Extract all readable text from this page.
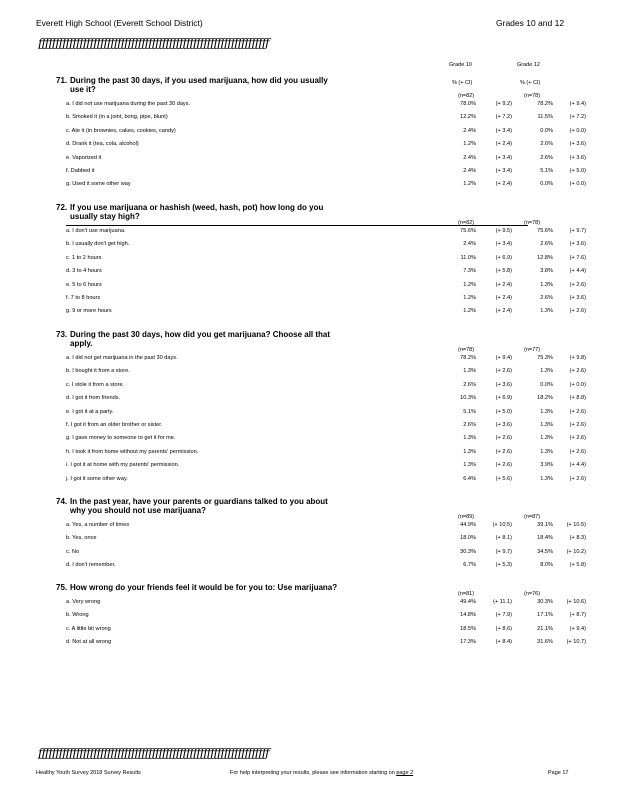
Everett High School (Everett School District)	Grades 10 and 12
ƒƒƒƒƒƒƒƒƒƒƒƒƒƒƒƒƒƒƒƒƒƒƒƒƒƒƒƒƒƒƒƒƒƒƒƒƒƒƒƒƒƒƒƒƒƒƒƒƒƒƒƒƒƒƒƒƒƒƒƒƒƒƒƒƒƒƒ
Grade 10	Grade 12
% (+ CI)	% (+ CI)
71. During the past 30 days, if you used marijuana, how did you usually
use it?
(n=82)	(n=78)
a. I did not use marijuana during the past 30 days.	78.0%	(+ 9.2)	78.2%	(+ 9.4)
b. Smoked it (in a joint, bong, pipe, blunt)	12.2%	(+ 7.2)	11.5%	(+ 7.2)
c. Ate it (in brownies, cakes, cookies, candy)	2.4%	(+ 3.4)	0.0%	(+ 0.0)
d. Drank it (tea, cola, alcohol)	1.2%	(+ 2.4)	2.6%	(+ 3.6)
e. Vaporized it	2.4%	(+ 3.4)	2.6%	(+ 3.6)
f. Dabbed it	2.4%	(+ 3.4)	5.1%	(+ 5.0)
g. Used it some other way	1.2%	(+ 2.4)	0.0%	(+ 0.0)
72. If you use marijuana or hashish (weed, hash, pot) how long do you
usually stay high?
(n=82)	(n=78)
a. I don't use marijuana.	75.6%	(+ 9.5)	75.6%	(+ 9.7)
b. I usually don't get high.	2.4%	(+ 3.4)	2.6%	(+ 3.6)
c. 1 to 2 hours	11.0%	(+ 6.9)	12.8%	(+ 7.6)
d. 3 to 4 hours	7.3%	(+ 5.8)	3.8%	(+ 4.4)
e. 5 to 6 hours	1.2%	(+ 2.4)	1.3%	(+ 2.6)
f. 7 to 8 hours	1.2%	(+ 2.4)	2.6%	(+ 3.6)
g. 9 or more hours	1.2%	(+ 2.4)	1.3%	(+ 2.6)
73. During the past 30 days, how did you get marijuana? Choose all that
apply.
(n=78)	(n=77)
a. I did not get marijuana in the past 30 days.	78.2%	(+ 9.4)	75.3%	(+ 9.8)
b. I bought it from a store.	1.3%	(+ 2.6)	1.3%	(+ 2.6)
c. I stole it from a store.	2.6%	(+ 3.6)	0.0%	(+ 0.0)
d. I got it from friends.	10.3%	(+ 6.9)	18.2%	(+ 8.8)
e. I got it at a party.	5.1%	(+ 5.0)	1.3%	(+ 2.6)
f. I got it from an older brother or sister.	2.6%	(+ 3.6)	1.3%	(+ 2.6)
g. I gave money to someone to get it for me.	1.3%	(+ 2.6)	1.3%	(+ 2.6)
h. I took it from home without my parents' permission.	1.3%	(+ 2.6)	1.3%	(+ 2.6)
i. I got it at home with my parents' permission.	1.3%	(+ 2.6)	3.9%	(+ 4.4)
j. I got it some other way.	6.4%	(+ 5.6)	1.3%	(+ 2.6)
74. In the past year, have your parents or guardians talked to you about
why you should not use marijuana?
(n=89)	(n=87)
a. Yes, a number of times	44.9%	(+ 10.5)	39.1%	(+ 10.5)
b. Yes, once	18.0%	(+ 8.1)	18.4%	(+ 8.3)
c. No	30.3%	(+ 9.7)	34.5%	(+ 10.2)
d. I don't remember.	6.7%	(+ 5.3)	8.0%	(+ 5.8)
75. How wrong do your friends feel it would be for you to: Use marijuana?
(n=81)	(n=76)
a. Very wrong	49.4%	(+ 11.1)	30.3%	(+ 10.6)
b. Wrong	14.8%	(+ 7.9)	17.1%	(+ 8.7)
c. A little bit wrong	18.5%	(+ 8.6)	21.1%	(+ 9.4)
d. Not at all wrong	17.3%	(+ 8.4)	31.6%	(+ 10.7)
ƒƒƒƒƒƒƒƒƒƒƒƒƒƒƒƒƒƒƒƒƒƒƒƒƒƒƒƒƒƒƒƒƒƒƒƒƒƒƒƒƒƒƒƒƒƒƒƒƒƒƒƒƒƒƒƒƒƒƒƒƒƒƒƒƒƒƒ
Healthy Youth Survey 2018 Survey Results	For help interpreting your results, please see information starting on page 2	Page 17
